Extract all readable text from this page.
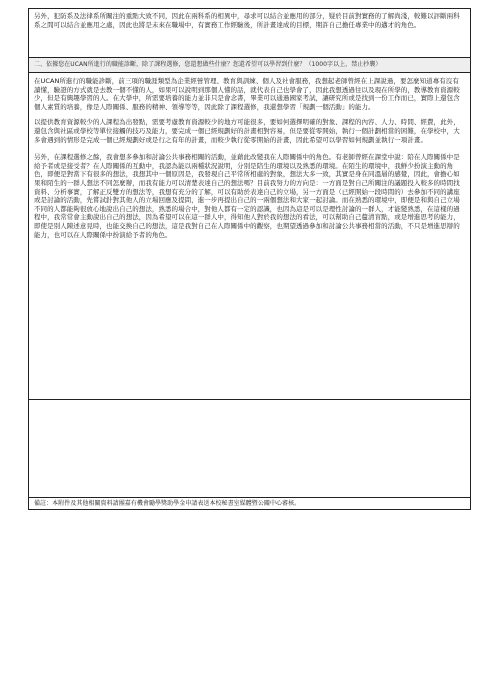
另外，犯防系及法律系所關注的重點大致不同，因此在兩科系的相異中，尋求可以結合並應用的部分，疑於目前對實務的了解尚淺，較難以評斷兩科系之間可以結合並應用之處，因此也將是未來在職場中，有實務工作經驗後，所計畫達成的目標，期許自己擔任專業中的邁才的角色。

二、依據您在UCAN所進行的職能診斷，除了課程選修，您還想做些什麼？您還希望可以學習到什麼？（1000字以上，禁止抄襲）

在UCAN所進行的職能診斷，前三項的職涯類型為企業經營管理、教育與訓練、個人及社會服務，我想起老師曾經在上課說過，要怎麼知道專有沒有讀懂，驗證的方式就是去教一個不懂的人，如果可以說明到那個人懂的話，就代表自己也學會了，因此我想透過往以及現在所學的，教導教育資源較少，但是有興趣學習的人。在大學中，所需要培養的能力並非只是會念書，畢業可以通過國家考試，讓研究所或是找到一份工作而已，實際上還包含個人素質的培養，像是人際關係、服務的精神、領導等等，因此除了課程選修，我還想學習「規劃一個活動」的能力。

以提供教育資源較少的人課程為出發點，需要考慮教育資源較少的地方可能很多，要如何選擇明確的對象、課程的內容、人力、時間、經費，此外，還包含與社區或學校等單位接觸的技巧及能力，要完成一個已經規劃好的計畫相對容易，但是要從零開始，執行一個計劃相當的困難，在學校中，大多會遇到的情形是完成一個已經規劃好或是行之有年的計畫，而較少執行從零開始的計畫，因此希望可以學習如何規劃並執行一項計畫。

另外，在課程選修之餘，我會想多參加和討論公共事務相關的活動，並藉此改變我在人際關係中的角色。有老師曾經在課堂中說：陪在人際關係中是給予者或是接受者？在人際關係的互動中，我認為能以兩種狀況說明，分別是陪生的環境以及熟悉的環境。在陌生的環境中，我鮮少扮演主動的角色，即便是對當下有很多的想法，我想其中一個原因是，我發現自己平常所相處的對象，想法大多一致，其實是身在同溫層的感覺，因此，會擔心如果和陌生的一群人想法不同怎麼辦，而我有能力可以清楚表達自己的想法嗎？目前我努力的方向是：一方面是對自己所關注的議題投入較多的時間找資料、分析事實，了解正反雙方的想法等，我想有充分的了解，可以有助於表達自己的立場，另一方面是（已經開始一段時間的）去參加不同的講座或是討論的活動，先嘗試針對其他人的立場回應及提問，進一步再提出自己的一兩個想法和大家一起討論。而在熟悉的環境中，即便是和與自己立場不同的人都能夠很放心地說出自己的想法，熟悉的場合中，對他人都有一定的認識，也因為這是可以是理性討論的一群人，才能變熟悉，在這樣的過程中，我常常會主動說出自己的想法，因為希望可以在這一群人中，得知他人對於我的想法的看法，可以幫助自己釐清盲點，或是增進思考的能力，即使是別人陳述意見時，也能交換自己的想法，這是我對自己在人際關係中的觀察，也期望透過參加和討論公共事務相當的活動，不只是增進思辯的能力，也可以在人際關係中扮演給予者的角色。

備註：本附件及其他相關資料請團嘉有機會勵學獎助學金申請表送本校秘書室媒體暨公關中心審核。
